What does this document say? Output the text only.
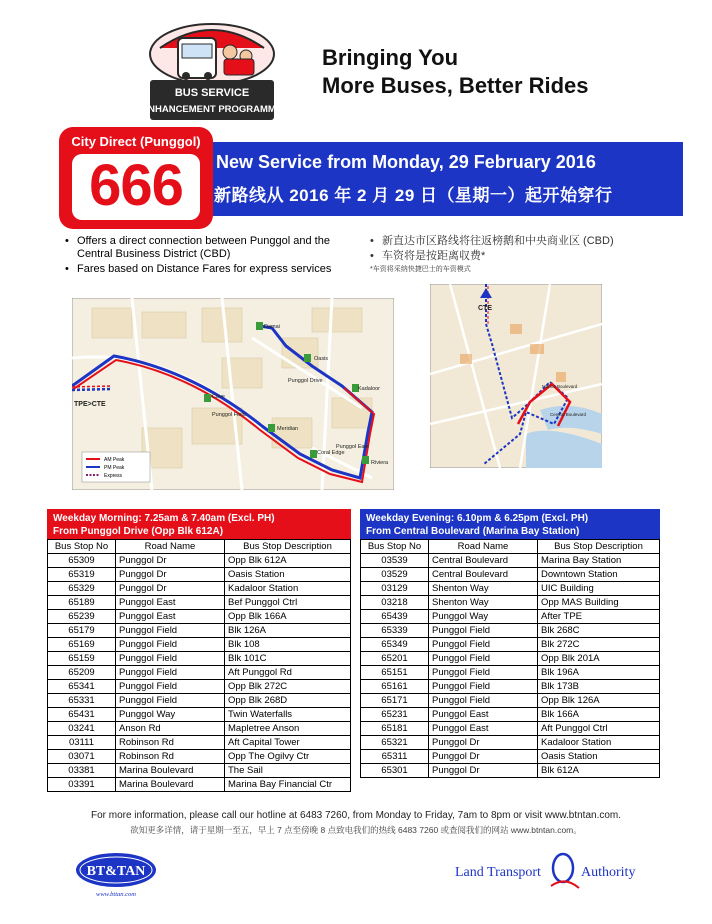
BUS SERVICE
ENHANCEMENT PROGRAMME
Bringing You
More Buses, Better Rides
New Service from Monday, 29 February 2016
新路线从 2016 年 2 月 29 日（星期一）起开始穿行
City Direct (Punggol)
666
• Offers a direct connection between Punggol and the Central Business District (CBD)
• Fares based on Distance Fares for express services
• 新直达市区路线将往返榜鹅和中央商业区 (CBD)
• 车资将是按距离収费*
*车资将采纳快捷巴士的车资模式
TPE>CTE
Punggol Drive
Punggol Field
Punggol East
Oasis
Kadaloor
Cove
Meridian
Coral Edge
Riviera
Damai
AM Peak
PM Peak
Express
CTE
Marina Boulevard
Central Boulevard
Weekday Morning: 7.25am & 7.40am (Excl. PH)
From Punggol Drive (Opp Blk 612A)
Bus Stop No	Road Name	Bus Stop Description
65309	Punggol Dr	Opp Blk 612A
65319	Punggol Dr	Oasis Station
65329	Punggol Dr	Kadaloor Station
65189	Punggol East	Bef Punggol Ctrl
65239	Punggol East	Opp Blk 166A
65179	Punggol Field	Blk 126A
65169	Punggol Field	Blk 108
65159	Punggol Field	Blk 101C
65209	Punggol Field	Aft Punggol Rd
65341	Punggol Field	Opp Blk 272C
65331	Punggol Field	Opp Blk 268D
65431	Punggol Way	Twin Waterfalls
03241	Anson Rd	Mapletree Anson
03111	Robinson Rd	Aft Capital Tower
03071	Robinson Rd	Opp The Ogilvy Ctr
03381	Marina Boulevard	The Sail
03391	Marina Boulevard	Marina Bay Financial Ctr
Weekday Evening: 6.10pm & 6.25pm (Excl. PH)
From Central Boulevard (Marina Bay Station)
Bus Stop No	Road Name	Bus Stop Description
03539	Central Boulevard	Marina Bay Station
03529	Central Boulevard	Downtown Station
03129	Shenton Way	UIC Building
03218	Shenton Way	Opp MAS Building
65439	Punggol Way	After TPE
65339	Punggol Field	Blk 268C
65349	Punggol Field	Blk 272C
65201	Punggol Field	Opp Blk 201A
65151	Punggol Field	Blk 196A
65161	Punggol Field	Blk 173B
65171	Punggol Field	Opp Blk 126A
65231	Punggol East	Blk 166A
65181	Punggol East	Aft Punggol Ctrl
65321	Punggol Dr	Kadaloor Station
65311	Punggol Dr	Oasis Station
65301	Punggol Dr	Blk 612A
For more information, please call our hotline at 6483 7260, from Monday to Friday, 7am to 8pm or visit www.btntan.com.
欲知更多详情，请于星期一至五，早上 7 点至傍晚 8 点致电我们的热线 6483 7260 或查阅我们的网站 www.btntan.com。
BT&TAN
www.bttan.com
Land Transport	Authority
